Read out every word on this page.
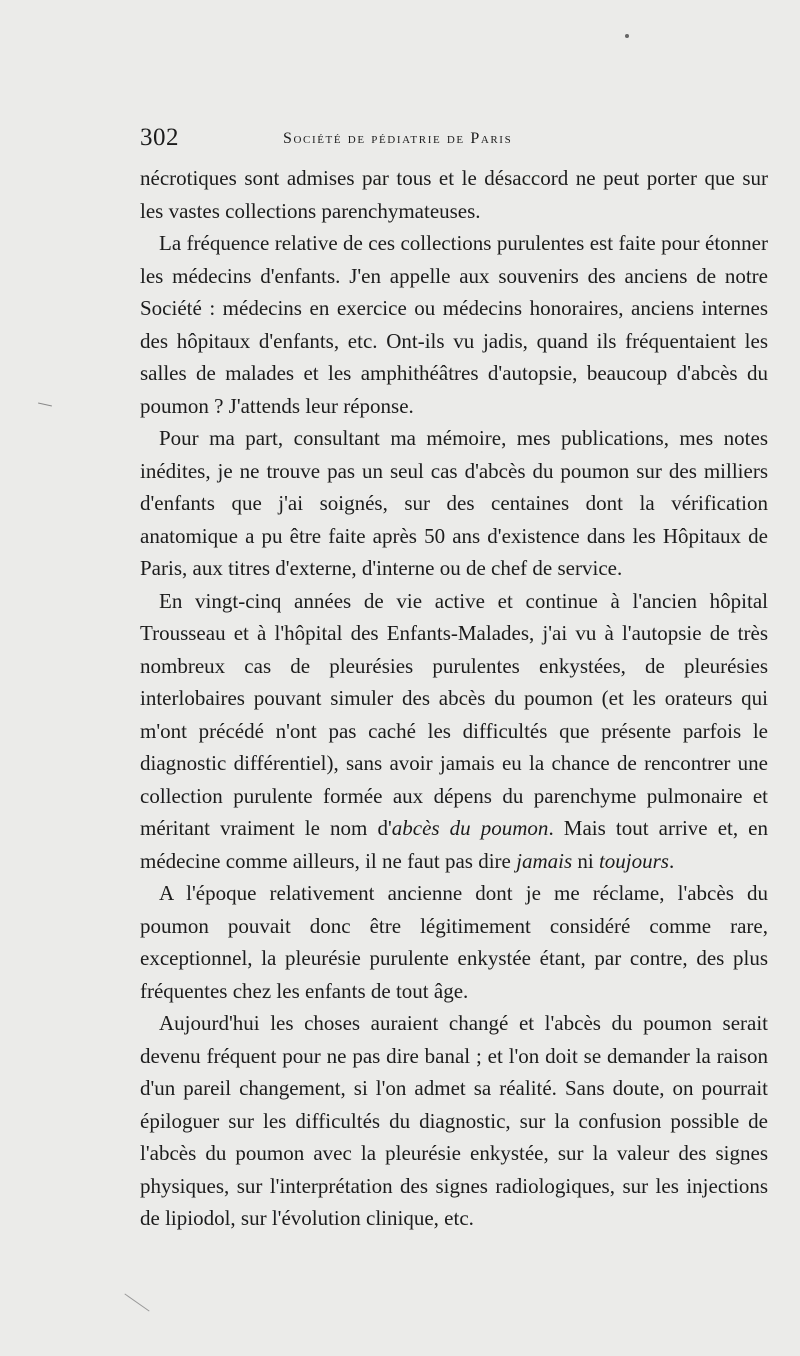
302	Société de pédiatrie de Paris

nécrotiques sont admises par tous et le désaccord ne peut porter que sur les vastes collections parenchymateuses.

La fréquence relative de ces collections purulentes est faite pour étonner les médecins d'enfants. J'en appelle aux souvenirs des anciens de notre Société : médecins en exercice ou médecins honoraires, anciens internes des hôpitaux d'enfants, etc. Ont-ils vu jadis, quand ils fréquentaient les salles de malades et les amphithéâtres d'autopsie, beaucoup d'abcès du poumon ? J'attends leur réponse.

Pour ma part, consultant ma mémoire, mes publications, mes notes inédites, je ne trouve pas un seul cas d'abcès du poumon sur des milliers d'enfants que j'ai soignés, sur des centaines dont la vérification anatomique a pu être faite après 50 ans d'existence dans les Hôpitaux de Paris, aux titres d'externe, d'interne ou de chef de service.

En vingt-cinq années de vie active et continue à l'ancien hôpital Trousseau et à l'hôpital des Enfants-Malades, j'ai vu à l'autopsie de très nombreux cas de pleurésies purulentes enkystées, de pleurésies interlobaires pouvant simuler des abcès du poumon (et les orateurs qui m'ont précédé n'ont pas caché les difficultés que présente parfois le diagnostic différentiel), sans avoir jamais eu la chance de rencontrer une collection purulente formée aux dépens du parenchyme pulmonaire et méritant vraiment le nom d'abcès du poumon. Mais tout arrive et, en médecine comme ailleurs, il ne faut pas dire jamais ni toujours.

A l'époque relativement ancienne dont je me réclame, l'abcès du poumon pouvait donc être légitimement considéré comme rare, exceptionnel, la pleurésie purulente enkystée étant, par contre, des plus fréquentes chez les enfants de tout âge.

Aujourd'hui les choses auraient changé et l'abcès du poumon serait devenu fréquent pour ne pas dire banal ; et l'on doit se demander la raison d'un pareil changement, si l'on admet sa réalité. Sans doute, on pourrait épiloguer sur les difficultés du diagnostic, sur la confusion possible de l'abcès du poumon avec la pleurésie enkystée, sur la valeur des signes physiques, sur l'interprétation des signes radiologiques, sur les injections de lipiodol, sur l'évolution clinique, etc.
